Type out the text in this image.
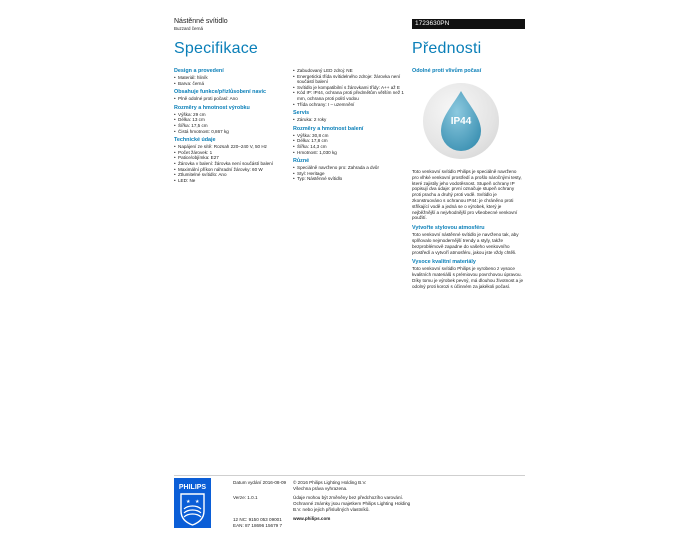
Nástěnné svítidlo
Buzzard černá
1723630PN
Specifikace	Přednosti
Design a provedení
• Materiál: hliník
• Barva: černá
Obsahuje funkce/přizlůsobení navíc
• Plně odolné proti počasí: Ano
Rozměry a hmotnost výrobku
• Výška: 29 cm
• Délka: 13 cm
• Šířka: 17,5 cm
• Čistá hmotnost: 0,867 kg
Technické údaje
• Napájení ze sítě: Rozsah 220–240 V, 50 Hz
• Počet žárovek: 1
• Patice/objímka: E27
• Žárovka v balení: žárovka není součástí balení
• Maximální příkon náhradní žárovky: 60 W
• Ztlumitelné svítidlo: Ano
• LED: Ne
• Zabudovaný LED zdroj: NE
• Energetická třída svítidelného zdroje: žárovka není součástí balení
• Svítidlo je kompatibilní s žárovkami třídy: A++ až E
• Kód IP: IP44, ochrana proti předmětům větším než 1 mm, ochrana proti polití vodou
• Třída ochrany: I – uzemnění
Servis
• Záruka: 2 roky
Rozměry a hmotnost balení
• Výška: 30,8 cm
• Délka: 17,8 cm
• Šířka: 14,3 cm
• Hmotnost: 1,030 kg
Různé
• Speciálně navrženo pro: Zahrada a dvůr
• Styl: Heritage
• Typ: Nástěnné svítidlo
Odolné proti vlivům počasí
IP44
Toto venkovní svítidlo Philips je speciálně navrženo pro vlhké venkovní prostředí a prošlo náročnými testy, které zajistily jeho vodotěsnost. Stupeň ochrany IP popisují dva údaje: první označuje stupeň ochrany proti prachu a druhý proti vodě. Svítidlo je zkonstruováno s ochranou IP44: je chráněno proti stříkající vodě a jedná se o výrobek, který je nejběžnější a nejvhodnější pro všeobecné venkovní použití.
Vytvořte stylovou atmosféru
Toto venkovní nástěnné svítidlo je navrženo tak, aby splňovalo nejmodernější trendy a styly, takže bezproblémově zapadne do vašeho venkovního prostředí a vytvoří atmosféru, jakou jste vždy chtěli.
Vysoce kvalitní materiály
Toto venkovní svítidlo Philips je vyrobeno z vysoce kvalitních materiálů s prémiovou povrchovou úpravou. Díky tomu je výrobek pevný, má dlouhou životnost a je odolný proti korozi s účinném za jakékoli počasí.
PHILIPS
★ ★
Datum vydání 2016-08-09
Verze: 1.0.1
12 NC: 9150 053 09001
EAN: 87 18696 15679 7
© 2016 Philips Lighting Holding B.V.
Všechna práva vyhrazena.
Údaje mohou být změněny bez předchozího varování. Ochranné známky jsou majetkem Philips Lighting Holding B.V. nebo jejich příslušných vlastníků.
www.philips.com
